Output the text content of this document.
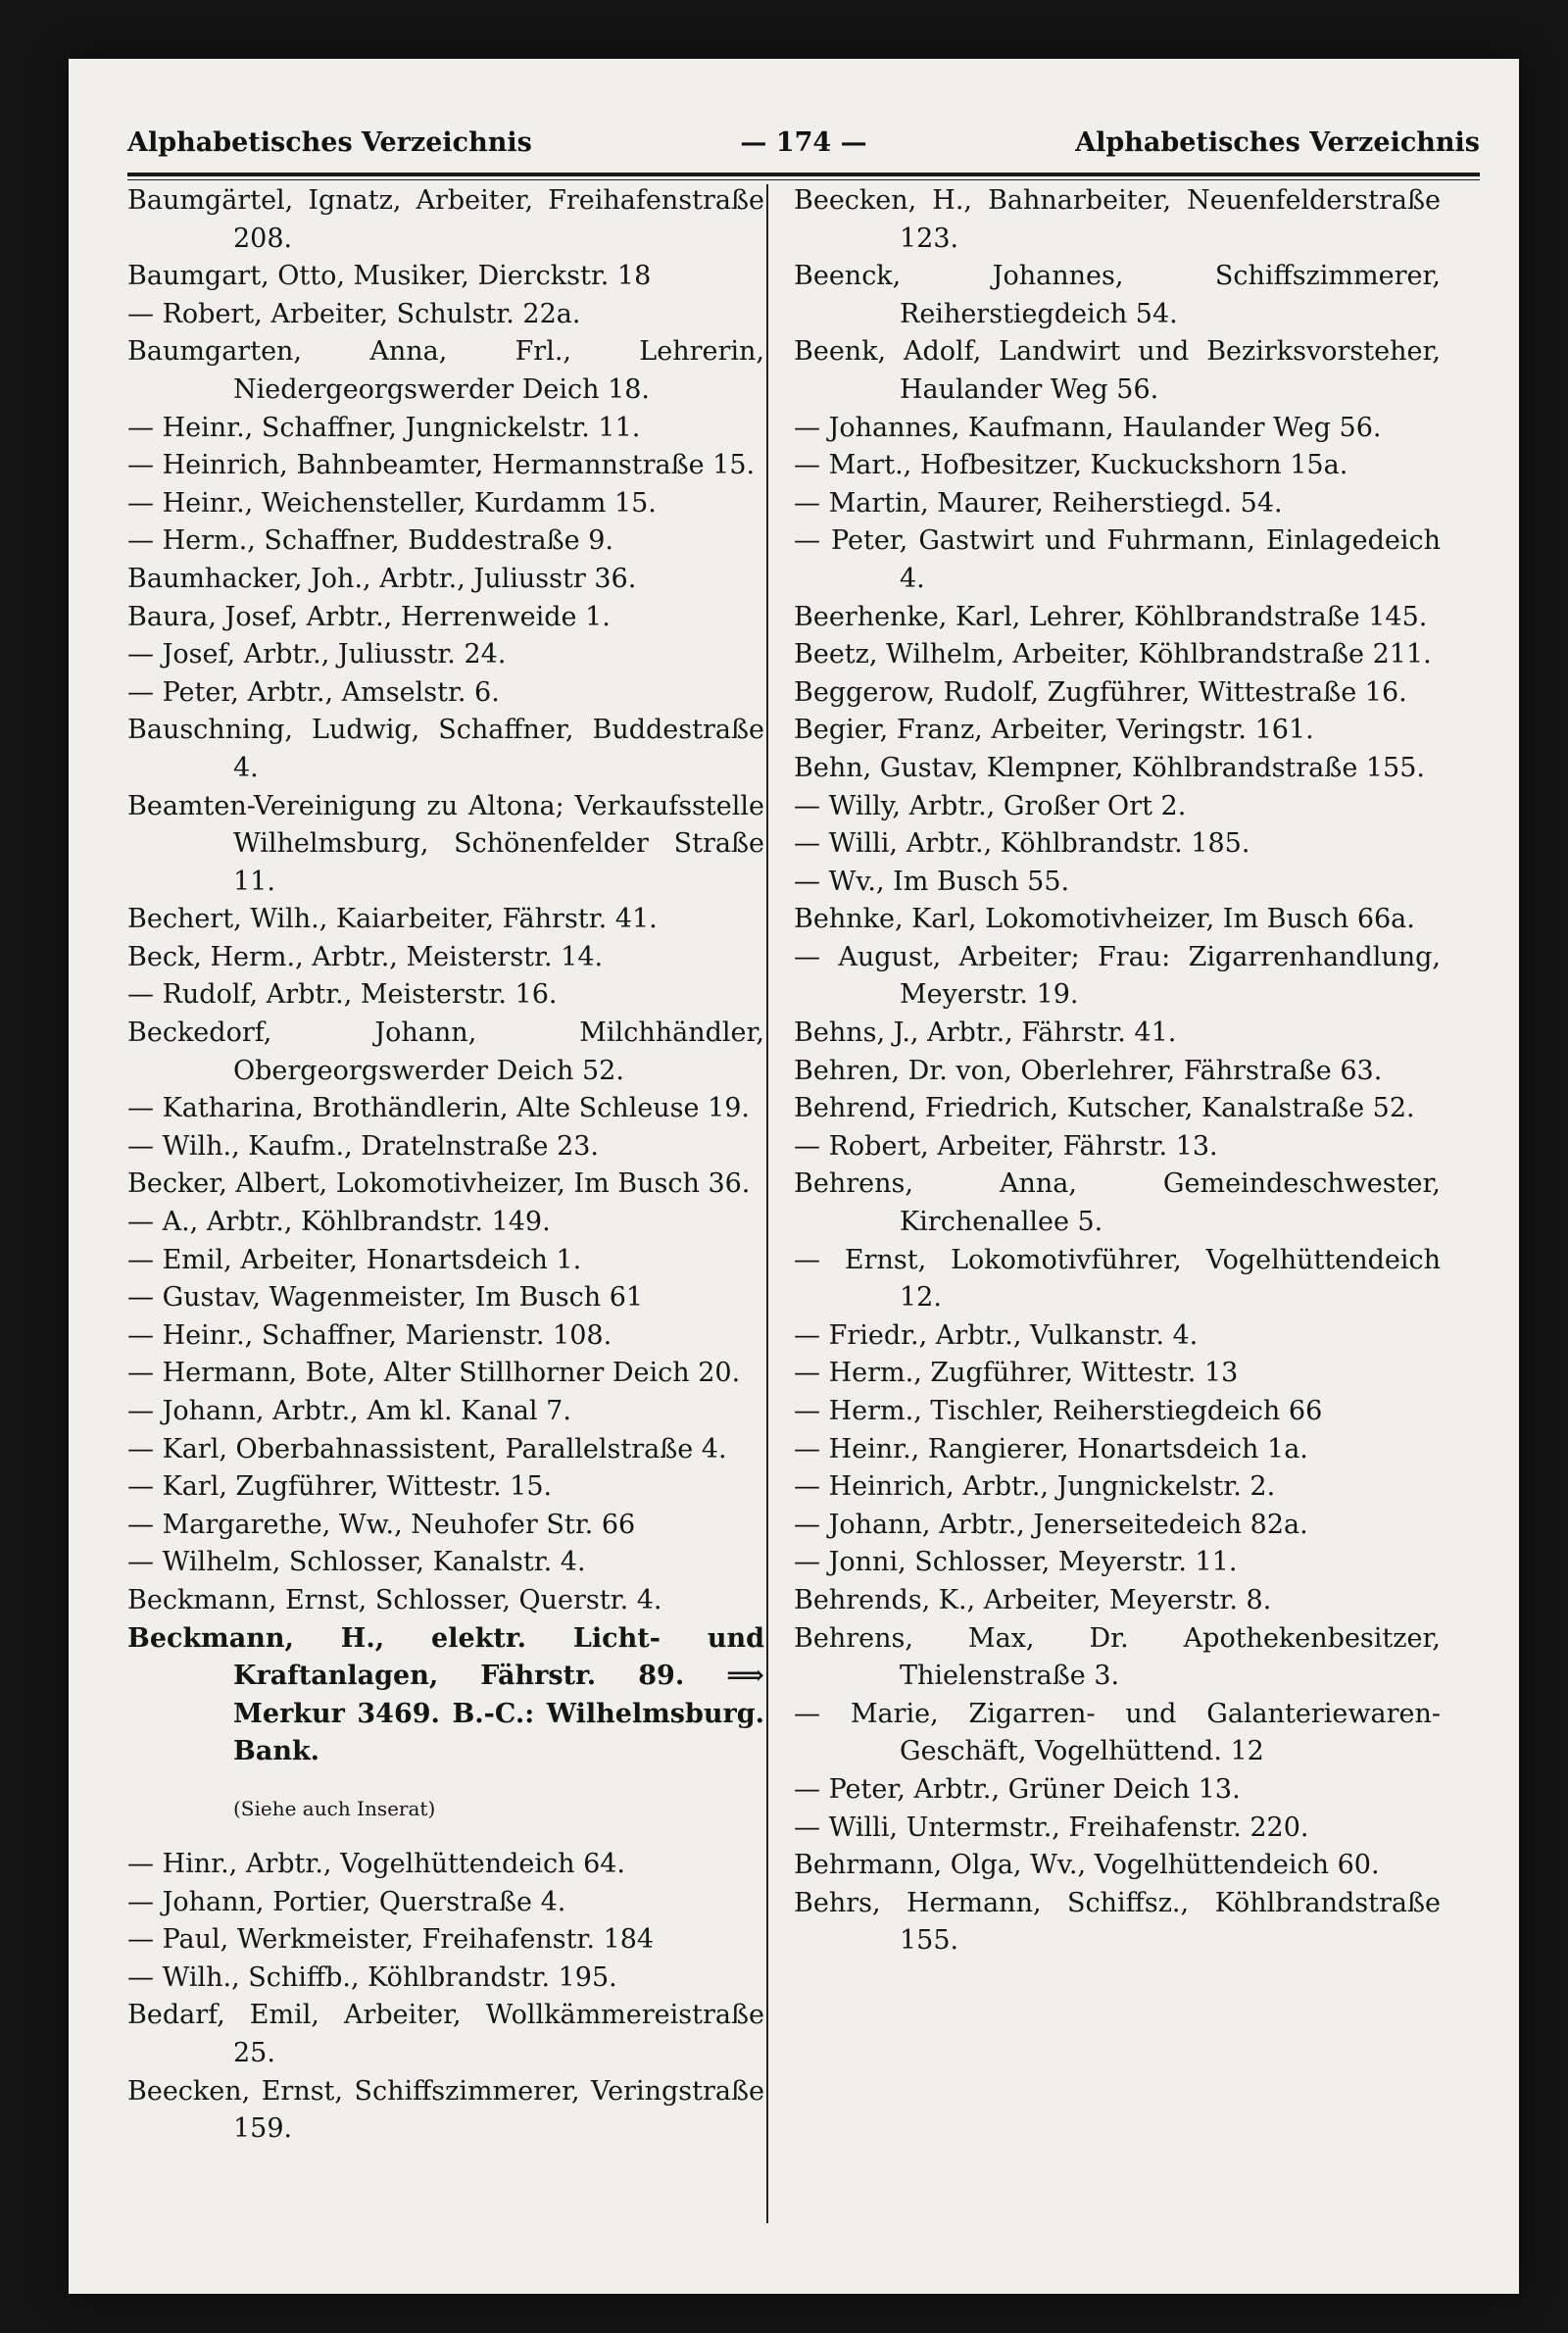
Alphabetisches Verzeichnis	— 174 —	Alphabetisches Verzeichnis

Baumgärtel, Ignatz, Arbeiter, Freihafenstraße 208.

Baumgart, Otto, Musiker, Dierckstr. 18

— Robert, Arbeiter, Schulstr. 22a.

Baumgarten, Anna, Frl., Lehrerin, Niedergeorgswerder Deich 18.

— Heinr., Schaffner, Jungnickelstr. 11.

— Heinrich, Bahnbeamter, Hermannstraße 15.

— Heinr., Weichensteller, Kurdamm 15.

— Herm., Schaffner, Buddestraße 9.

Baumhacker, Joh., Arbtr., Juliusstr 36.

Baura, Josef, Arbtr., Herrenweide 1.

— Josef, Arbtr., Juliusstr. 24.

— Peter, Arbtr., Amselstr. 6.

Bauschning, Ludwig, Schaffner, Buddestraße 4.

Beamten-Vereinigung zu Altona; Verkaufsstelle Wilhelmsburg, Schönenfelder Straße 11.

Bechert, Wilh., Kaiarbeiter, Fährstr. 41.

Beck, Herm., Arbtr., Meisterstr. 14.

— Rudolf, Arbtr., Meisterstr. 16.

Beckedorf, Johann, Milchhändler, Obergeorgswerder Deich 52.

— Katharina, Brothändlerin, Alte Schleuse 19.

— Wilh., Kaufm., Dratelnstraße 23.

Becker, Albert, Lokomotivheizer, Im Busch 36.

— A., Arbtr., Köhlbrandstr. 149.

— Emil, Arbeiter, Honartsdeich 1.

— Gustav, Wagenmeister, Im Busch 61

— Heinr., Schaffner, Marienstr. 108.

— Hermann, Bote, Alter Stillhorner Deich 20.

— Johann, Arbtr., Am kl. Kanal 7.

— Karl, Oberbahnassistent, Parallelstraße 4.

— Karl, Zugführer, Wittestr. 15.

— Margarethe, Ww., Neuhofer Str. 66

— Wilhelm, Schlosser, Kanalstr. 4.

Beckmann, Ernst, Schlosser, Querstr. 4.

Beckmann, H., elektr. Licht- und Kraftanlagen, Fährstr. 89. ⟹ Merkur 3469. B.-C.: Wilhelmsburg. Bank.

(Siehe auch Inserat)

— Hinr., Arbtr., Vogelhüttendeich 64.

— Johann, Portier, Querstraße 4.

— Paul, Werkmeister, Freihafenstr. 184

— Wilh., Schiffb., Köhlbrandstr. 195.

Bedarf, Emil, Arbeiter, Wollkämmereistraße 25.

Beecken, Ernst, Schiffszimmerer, Veringstraße 159.

Beecken, H., Bahnarbeiter, Neuenfelderstraße 123.

Beenck, Johannes, Schiffszimmerer, Reiherstiegdeich 54.

Beenk, Adolf, Landwirt und Bezirksvorsteher, Haulander Weg 56.

— Johannes, Kaufmann, Haulander Weg 56.

— Mart., Hofbesitzer, Kuckuckshorn 15a.

— Martin, Maurer, Reiherstiegd. 54.

— Peter, Gastwirt und Fuhrmann, Einlagedeich 4.

Beerhenke, Karl, Lehrer, Köhlbrandstraße 145.

Beetz, Wilhelm, Arbeiter, Köhlbrandstraße 211.

Beggerow, Rudolf, Zugführer, Wittestraße 16.

Begier, Franz, Arbeiter, Veringstr. 161.

Behn, Gustav, Klempner, Köhlbrandstraße 155.

— Willy, Arbtr., Großer Ort 2.

— Willi, Arbtr., Köhlbrandstr. 185.

— Wv., Im Busch 55.

Behnke, Karl, Lokomotivheizer, Im Busch 66a.

— August, Arbeiter; Frau: Zigarrenhandlung, Meyerstr. 19.

Behns, J., Arbtr., Fährstr. 41.

Behren, Dr. von, Oberlehrer, Fährstraße 63.

Behrend, Friedrich, Kutscher, Kanalstraße 52.

— Robert, Arbeiter, Fährstr. 13.

Behrens, Anna, Gemeindeschwester, Kirchenallee 5.

— Ernst, Lokomotivführer, Vogelhüttendeich 12.

— Friedr., Arbtr., Vulkanstr. 4.

— Herm., Zugführer, Wittestr. 13

— Herm., Tischler, Reiherstiegdeich 66

— Heinr., Rangierer, Honartsdeich 1a.

— Heinrich, Arbtr., Jungnickelstr. 2.

— Johann, Arbtr., Jenerseitedeich 82a.

— Jonni, Schlosser, Meyerstr. 11.

Behrends, K., Arbeiter, Meyerstr. 8.

Behrens, Max, Dr. Apothekenbesitzer, Thielenstraße 3.

— Marie, Zigarren- und Galanteriewaren-Geschäft, Vogelhüttend. 12

— Peter, Arbtr., Grüner Deich 13.

— Willi, Untermstr., Freihafenstr. 220.

Behrmann, Olga, Wv., Vogelhüttendeich 60.

Behrs, Hermann, Schiffsz., Köhlbrandstraße 155.
